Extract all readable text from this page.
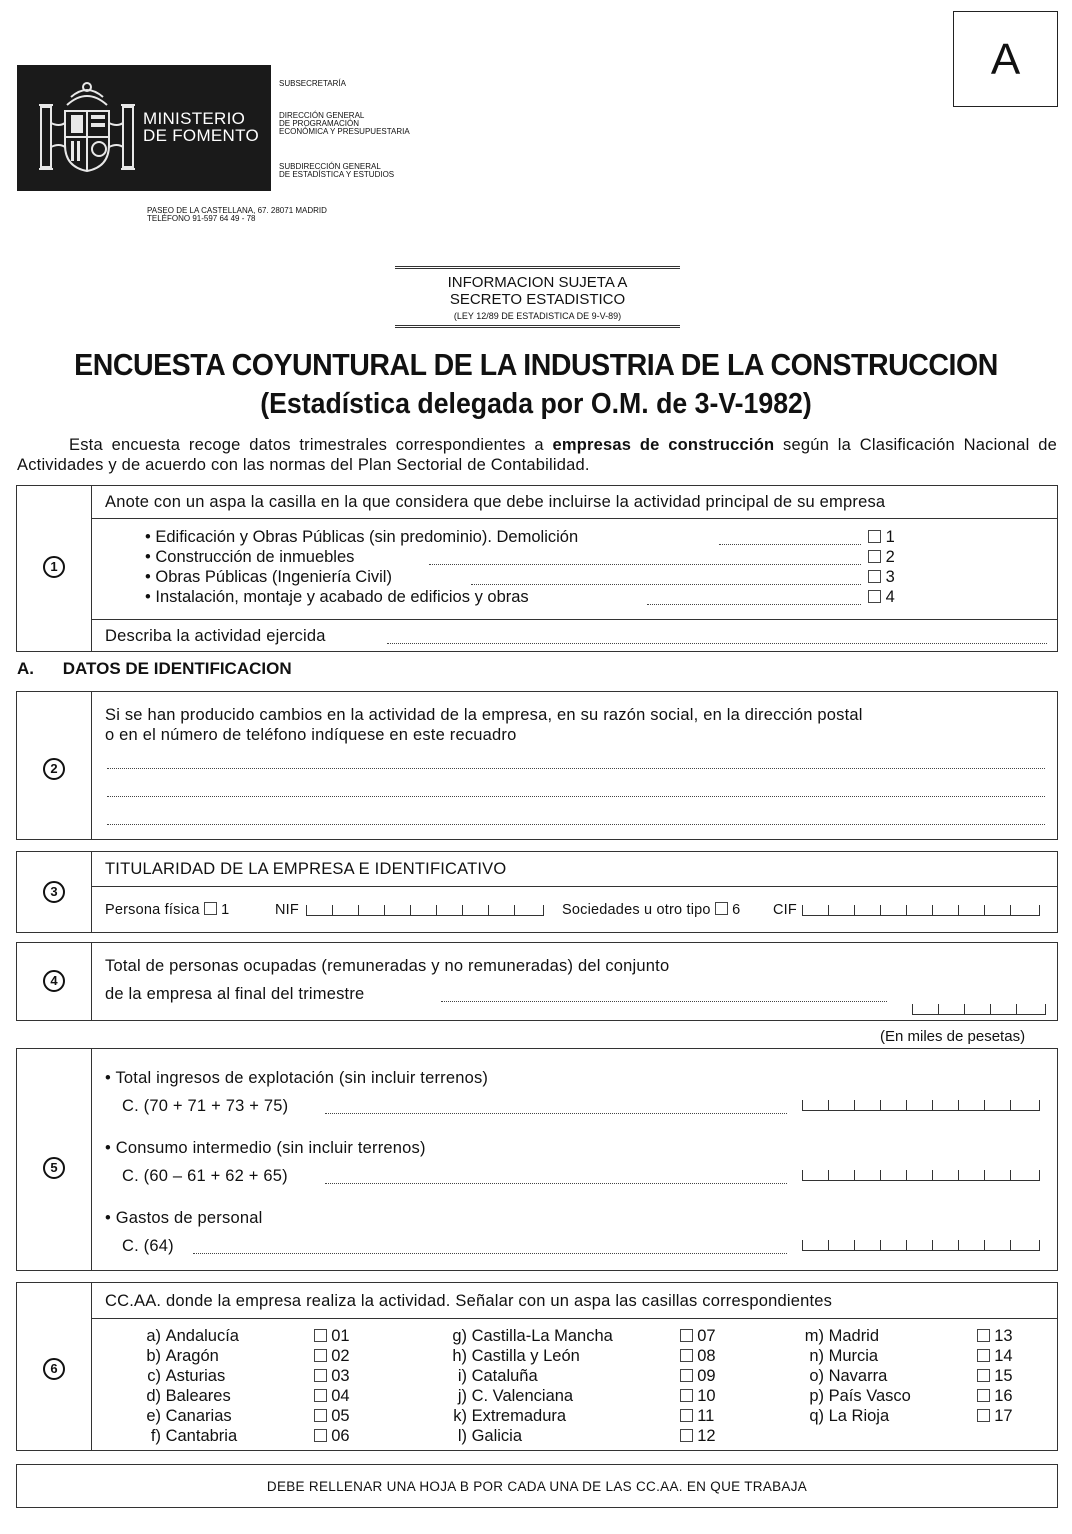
MINISTERIO
DE FOMENTO
SUBSECRETARÍA
DIRECCIÓN GENERAL
DE PROGRAMACIÓN
ECONÓMICA Y PRESUPUESTARIA
SUBDIRECCIÓN GENERAL
DE ESTADÍSTICA Y ESTUDIOS
PASEO DE LA CASTELLANA, 67. 28071 MADRID
TELÉFONO 91-597 64 49 - 78
A
INFORMACION SUJETA A
SECRETO ESTADISTICO
(LEY 12/89 DE ESTADISTICA DE 9-V-89)
ENCUESTA COYUNTURAL DE LA INDUSTRIA DE LA CONSTRUCCION
(Estadística delegada por O.M. de 3-V-1982)
Esta encuesta recoge datos trimestrales correspondientes a empresas de construcción según la Clasificación Nacional de Actividades y de acuerdo con las normas del Plan Sectorial de Contabilidad.
1
Anote con un aspa la casilla en la que considera que debe incluirse la actividad principal de su empresa
• Edificación y Obras Públicas (sin predominio). Demolición	1
• Construcción de inmuebles	2
• Obras Públicas (Ingeniería Civil)	3
• Instalación, montaje y acabado de edificios y obras	4
Describa la actividad ejercida
A. DATOS DE IDENTIFICACION
2
Si se han producido cambios en la actividad de la empresa, en su razón social, en la dirección postal
o en el número de teléfono indíquese en este recuadro
3
TITULARIDAD DE LA EMPRESA E IDENTIFICATIVO
Persona física 1	NIF	Sociedades u otro tipo 6 CIF
4
Total de personas ocupadas (remuneradas y no remuneradas) del conjunto
de la empresa al final del trimestre
(En miles de pesetas)
5
• Total ingresos de explotación (sin incluir terrenos)
C. (70 + 71 + 73 + 75)
• Consumo intermedio (sin incluir terrenos)
C. (60 – 61 + 62 + 65)
• Gastos de personal
C. (64)
6
CC.AA. donde la empresa realiza la actividad. Señalar con un aspa las casillas correspondientes
a) Andalucía	01
b) Aragón	02
c) Asturias	03
d) Baleares	04
e) Canarias	05
f) Cantabria	06
g) Castilla-La Mancha	07
h) Castilla y León	08
i) Cataluña	09
j) C. Valenciana	10
k) Extremadura	11
l) Galicia	12
m) Madrid	13
n) Murcia	14
o) Navarra	15
p) País Vasco	16
q) La Rioja	17
DEBE RELLENAR UNA HOJA B POR CADA UNA DE LAS CC.AA. EN QUE TRABAJA
